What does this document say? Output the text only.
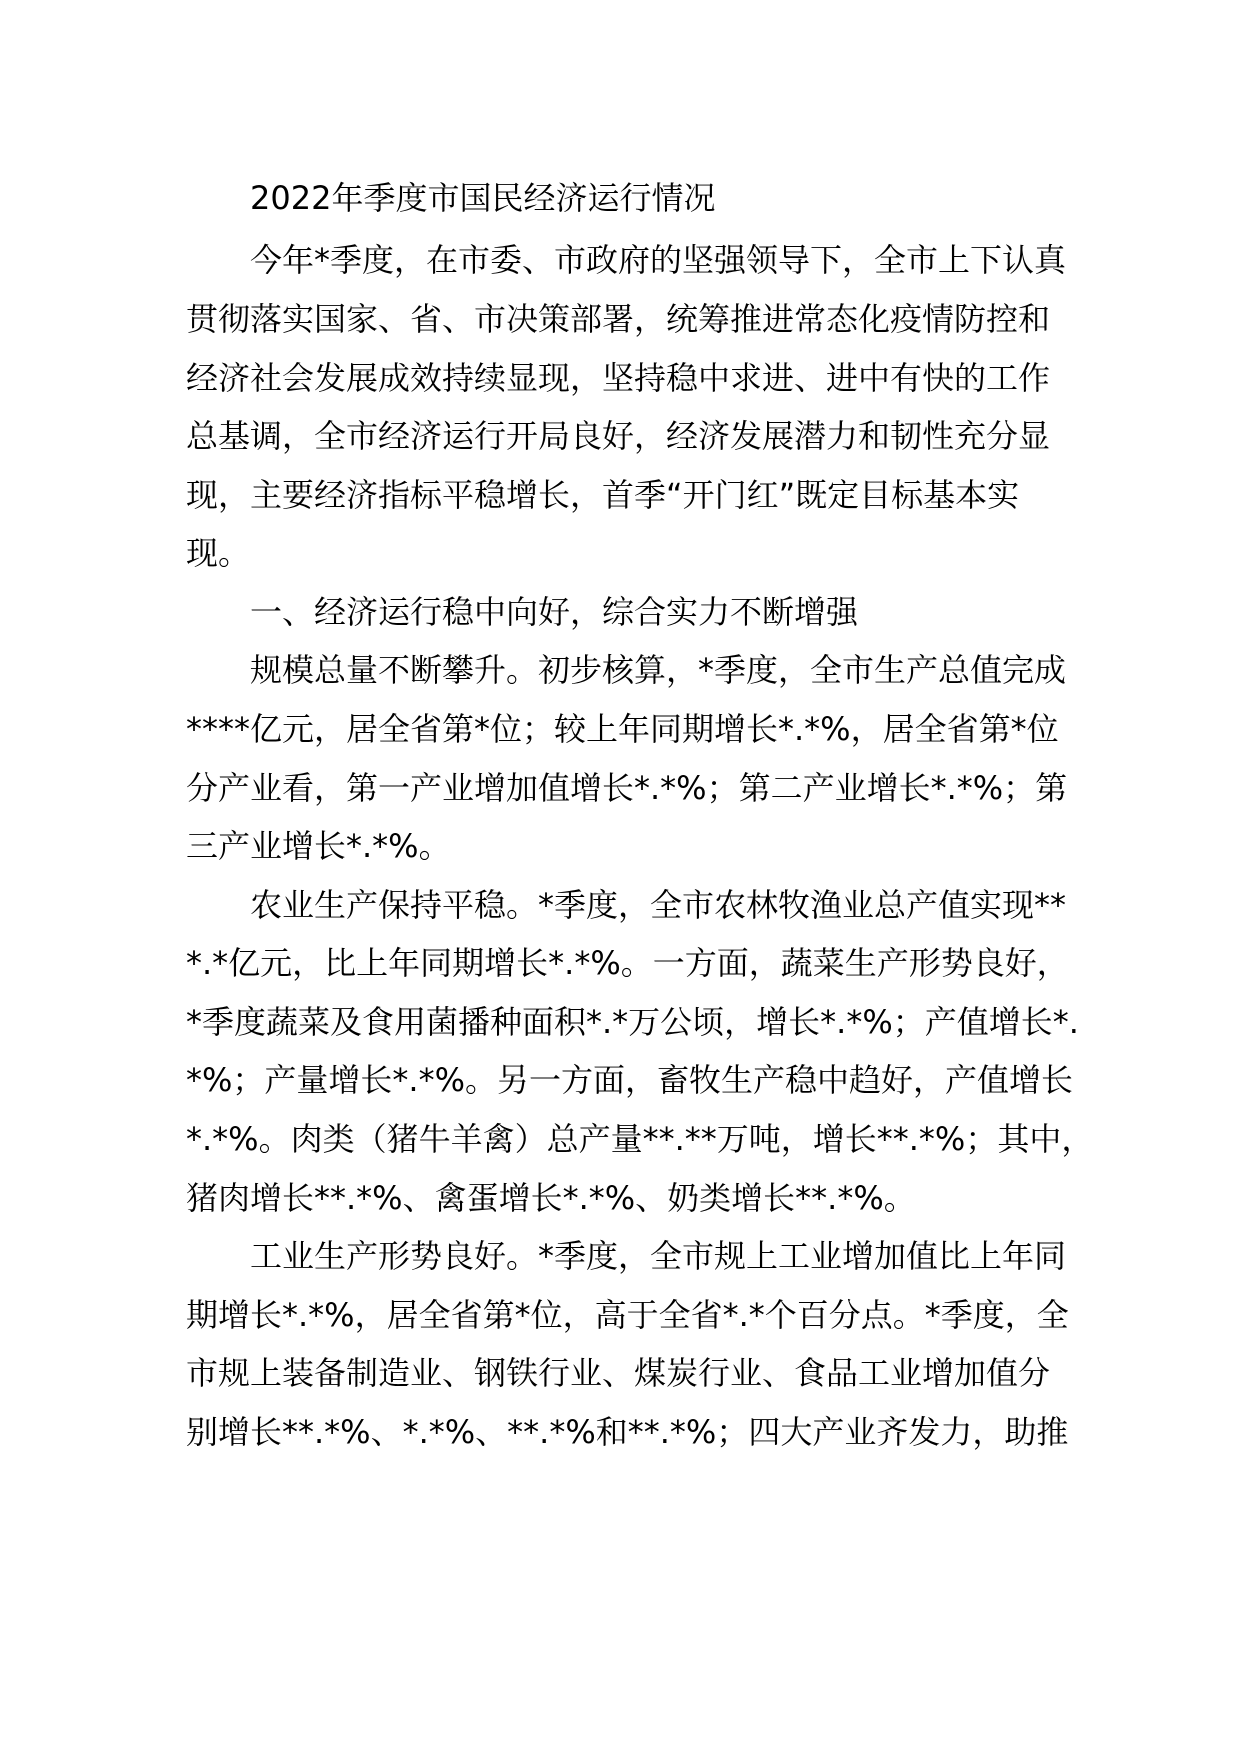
2022年季度市国民经济运行情况
今年*季度，在市委、市政府的坚强领导下，全市上下认真
贯彻落实国家、省、市决策部署，统筹推进常态化疫情防控和
经济社会发展成效持续显现，坚持稳中求进、进中有快的工作
总基调，全市经济运行开局良好，经济发展潜力和韧性充分显
现，主要经济指标平稳增长，首季“开门红”既定目标基本实
现。
一、经济运行稳中向好，综合实力不断增强
规模总量不断攀升。初步核算，*季度，全市生产总值完成
****亿元，居全省第*位；较上年同期增长*.*%，居全省第*位
分产业看，第一产业增加值增长*.*%；第二产业增长*.*%；第
三产业增长*.*%。
农业生产保持平稳。*季度，全市农林牧渔业总产值实现**
*.*亿元，比上年同期增长*.*%。一方面，蔬菜生产形势良好，
*季度蔬菜及食用菌播种面积*.*万公顷，增长*.*%；产值增长*.
*%；产量增长*.*%。另一方面，畜牧生产稳中趋好，产值增长
*.*%。肉类（猪牛羊禽）总产量**.**万吨，增长**.*%；其中，
猪肉增长**.*%、禽蛋增长*.*%、奶类增长**.*%。
工业生产形势良好。*季度，全市规上工业增加值比上年同
期增长*.*%，居全省第*位，高于全省*.*个百分点。*季度，全
市规上装备制造业、钢铁行业、煤炭行业、食品工业增加值分
别增长**.*%、*.*%、**.*%和**.*%；四大产业齐发力，助推
